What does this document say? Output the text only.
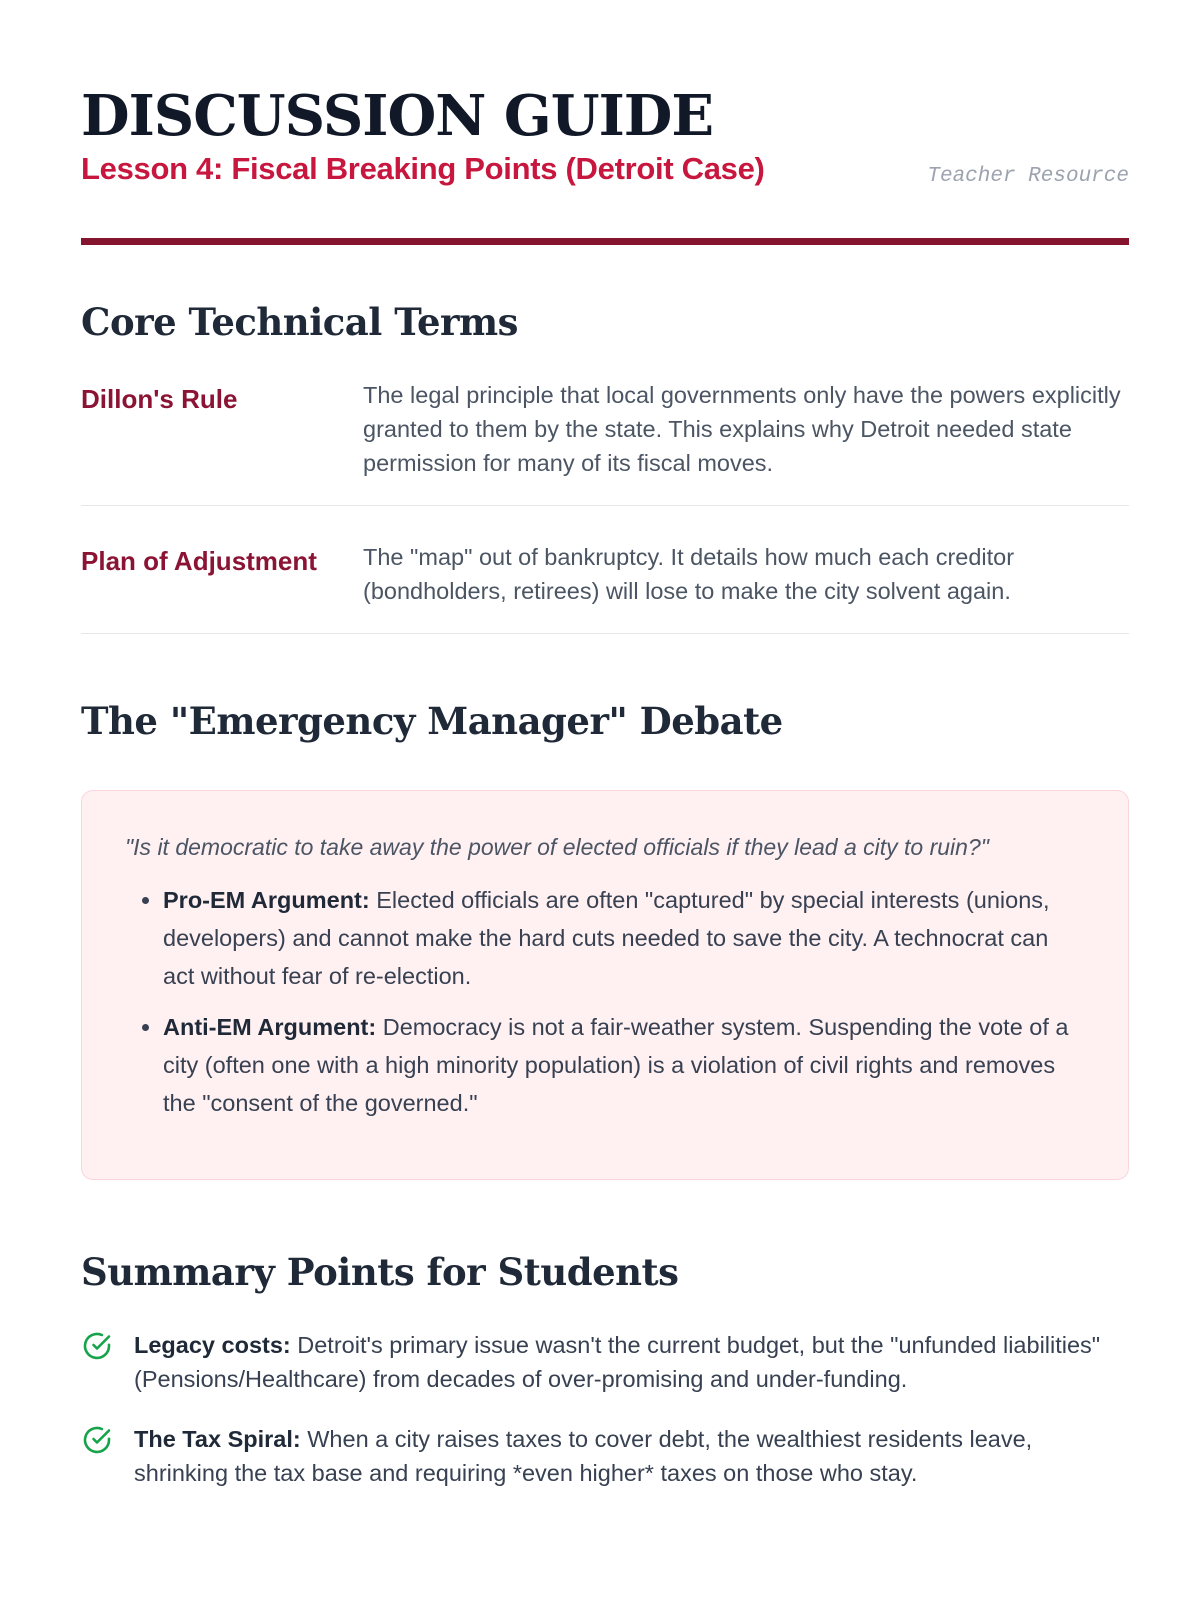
DISCUSSION GUIDE
Lesson 4: Fiscal Breaking Points (Detroit Case)	Teacher Resource
Core Technical Terms
Dillon's Rule	The legal principle that local governments only have the powers explicitly granted to them by the state. This explains why Detroit needed state permission for many of its fiscal moves.
Plan of Adjustment	The "map" out of bankruptcy. It details how much each creditor (bondholders, retirees) will lose to make the city solvent again.
The "Emergency Manager" Debate

"Is it democratic to take away the power of elected officials if they lead a city to ruin?"

• Pro-EM Argument: Elected officials are often "captured" by special interests (unions, developers) and cannot make the hard cuts needed to save the city. A technocrat can act without fear of re-election.
• Anti-EM Argument: Democracy is not a fair-weather system. Suspending the vote of a city (often one with a high minority population) is a violation of civil rights and removes the "consent of the governed."
Summary Points for Students
Legacy costs: Detroit's primary issue wasn't the current budget, but the "unfunded liabilities" (Pensions/Healthcare) from decades of over-promising and under-funding.
The Tax Spiral: When a city raises taxes to cover debt, the wealthiest residents leave, shrinking the tax base and requiring *even higher* taxes on those who stay.
